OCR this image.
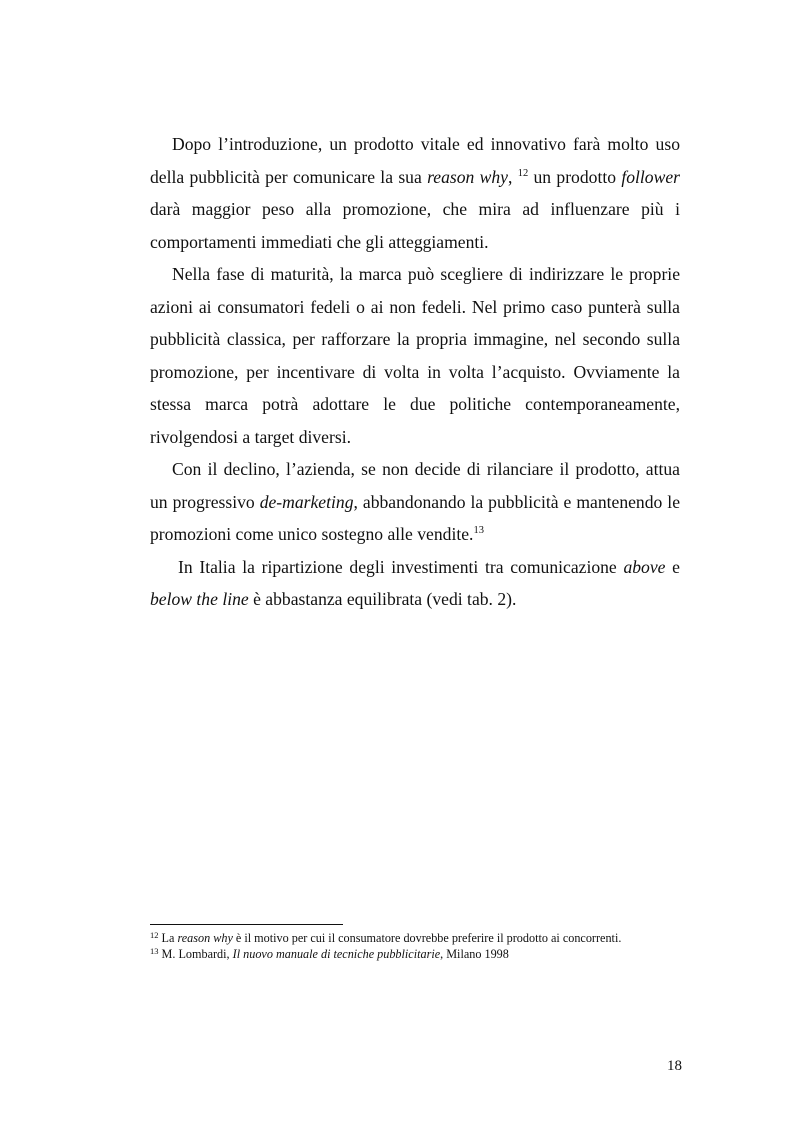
Dopo l’introduzione, un prodotto vitale ed innovativo farà molto uso della pubblicità per comunicare la sua reason why, $^{12}$ un prodotto follower darà maggior peso alla promozione, che mira ad influenzare più i comportamenti immediati che gli atteggiamenti.

Nella fase di maturità, la marca può scegliere di indirizzare le proprie azioni ai consumatori fedeli o ai non fedeli. Nel primo caso punterà sulla pubblicità classica, per rafforzare la propria immagine, nel secondo sulla promozione, per incentivare di volta in volta l’acquisto. Ovviamente la stessa marca potrà adottare le due politiche contemporaneamente, rivolgendosi a target diversi.

Con il declino, l’azienda, se non decide di rilanciare il prodotto, attua un progressivo de-marketing, abbandonando la pubblicità e mantenendo le promozioni come unico sostegno alle vendite.$^{13}$

In Italia la ripartizione degli investimenti tra comunicazione above e below the line è abbastanza equilibrata (vedi tab. 2).

$^{12}$ La reason why è il motivo per cui il consumatore dovrebbe preferire il prodotto ai concorrenti.

$^{13}$ M. Lombardi, Il nuovo manuale di tecniche pubblicitarie, Milano 1998

18
